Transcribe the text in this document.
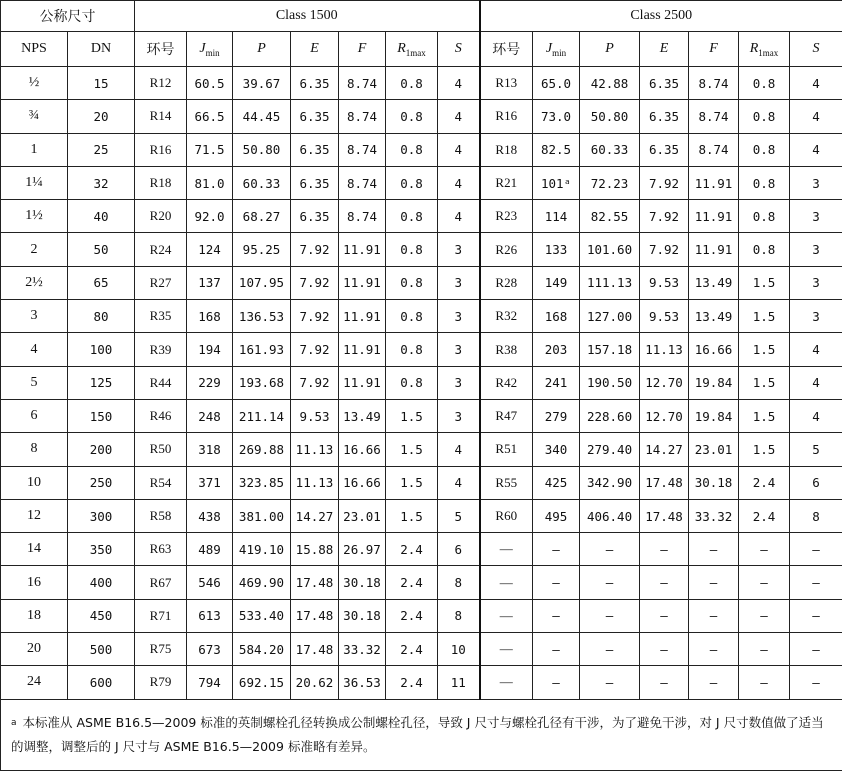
公称尺寸		Class 1500							Class 2500						
NPS	DN	环号	$J_{min}$	P	E	F	$R_{1max}$	S	环号	$J_{min}$	P	E	F	$R_{1max}$	S
½	15	R12	60.5	39.67	6.35	8.74	0.8	4	R13	65.0	42.88	6.35	8.74	0.8	4
¾	20	R14	66.5	44.45	6.35	8.74	0.8	4	R16	73.0	50.80	6.35	8.74	0.8	4
1	25	R16	71.5	50.80	6.35	8.74	0.8	4	R18	82.5	60.33	6.35	8.74	0.8	4
1¼	32	R18	81.0	60.33	6.35	8.74	0.8	4	R21	101ᵃ	72.23	7.92	11.91	0.8	3
1½	40	R20	92.0	68.27	6.35	8.74	0.8	4	R23	114	82.55	7.92	11.91	0.8	3
2	50	R24	124	95.25	7.92	11.91	0.8	3	R26	133	101.60	7.92	11.91	0.8	3
2½	65	R27	137	107.95	7.92	11.91	0.8	3	R28	149	111.13	9.53	13.49	1.5	3
3	80	R35	168	136.53	7.92	11.91	0.8	3	R32	168	127.00	9.53	13.49	1.5	3
4	100	R39	194	161.93	7.92	11.91	0.8	3	R38	203	157.18	11.13	16.66	1.5	4
5	125	R44	229	193.68	7.92	11.91	0.8	3	R42	241	190.50	12.70	19.84	1.5	4
6	150	R46	248	211.14	9.53	13.49	1.5	3	R47	279	228.60	12.70	19.84	1.5	4
8	200	R50	318	269.88	11.13	16.66	1.5	4	R51	340	279.40	14.27	23.01	1.5	5
10	250	R54	371	323.85	11.13	16.66	1.5	4	R55	425	342.90	17.48	30.18	2.4	6
12	300	R58	438	381.00	14.27	23.01	1.5	5	R60	495	406.40	17.48	33.32	2.4	8
14	350	R63	489	419.10	15.88	26.97	2.4	6	—	—	—	—	—	—	—
16	400	R67	546	469.90	17.48	30.18	2.4	8	—	—	—	—	—	—	—
18	450	R71	613	533.40	17.48	30.18	2.4	8	—	—	—	—	—	—	—
20	500	R75	673	584.20	17.48	33.32	2.4	10	—	—	—	—	—	—	—
24	600	R79	794	692.15	20.62	36.53	2.4	11	—	—	—	—	—	—	—
$^a$ 本标准从 ASME B16.5—2009 标准的英制螺栓孔径转换成公制螺栓孔径，导致 J 尺寸与螺栓孔径有干涉，为了避免干涉，对 J 尺寸数值做了适当的调整，调整后的 J 尺寸与 ASME B16.5—2009 标准略有差异。															
